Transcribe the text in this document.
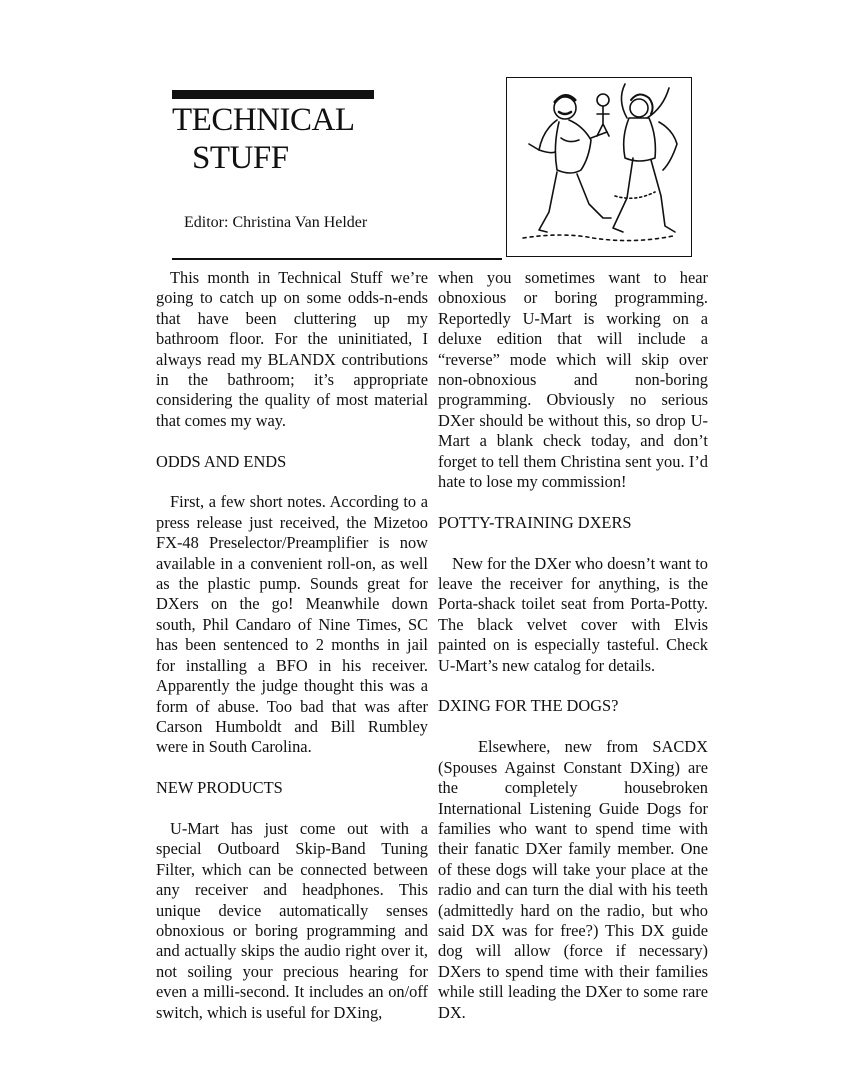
TECHNICAL
STUFF
Editor: Christina Van Helder

This month in Technical Stuff we’re going to catch up on some odds-n-ends that have been cluttering up my bathroom floor. For the uninitiated, I always read my BLANDX contributions in the bathroom; it’s appropriate considering the quality of most material that comes my way.

ODDS AND ENDS

First, a few short notes. According to a press release just received, the Mizetoo FX-48 Preselector/Preamplifier is now available in a convenient roll-on, as well as the plastic pump. Sounds great for DXers on the go! Meanwhile down south, Phil Candaro of Nine Times, SC has been sentenced to 2 months in jail for installing a BFO in his receiver. Apparently the judge thought this was a form of abuse. Too bad that was after Carson Humboldt and Bill Rumbley were in South Carolina.

NEW PRODUCTS

U-Mart has just come out with a special Outboard Skip-Band Tuning Filter, which can be connected between any receiver and headphones. This unique device automatically senses obnoxious or boring programming and and actually skips the audio right over it, not soiling your precious hearing for even a milli-second. It includes an on/off switch, which is useful for DXing,

when you sometimes want to hear obnoxious or boring programming. Reportedly U-Mart is working on a deluxe edition that will include a “reverse” mode which will skip over non-obnoxious and non-boring programming. Obviously no serious DXer should be without this, so drop U-Mart a blank check today, and don’t forget to tell them Christina sent you. I’d hate to lose my commission!

POTTY-TRAINING DXERS

New for the DXer who doesn’t want to leave the receiver for anything, is the Porta-shack toilet seat from Porta-Potty. The black velvet cover with Elvis painted on is especially tasteful. Check U-Mart’s new catalog for details.

DXING FOR THE DOGS?

Elsewhere, new from SACDX (Spouses Against Constant DXing) are the completely housebroken International Listening Guide Dogs for families who want to spend time with their fanatic DXer family member. One of these dogs will take your place at the radio and can turn the dial with his teeth (admittedly hard on the radio, but who said DX was for free?) This DX guide dog will allow (force if necessary) DXers to spend time with their families while still leading the DXer to some rare DX.
